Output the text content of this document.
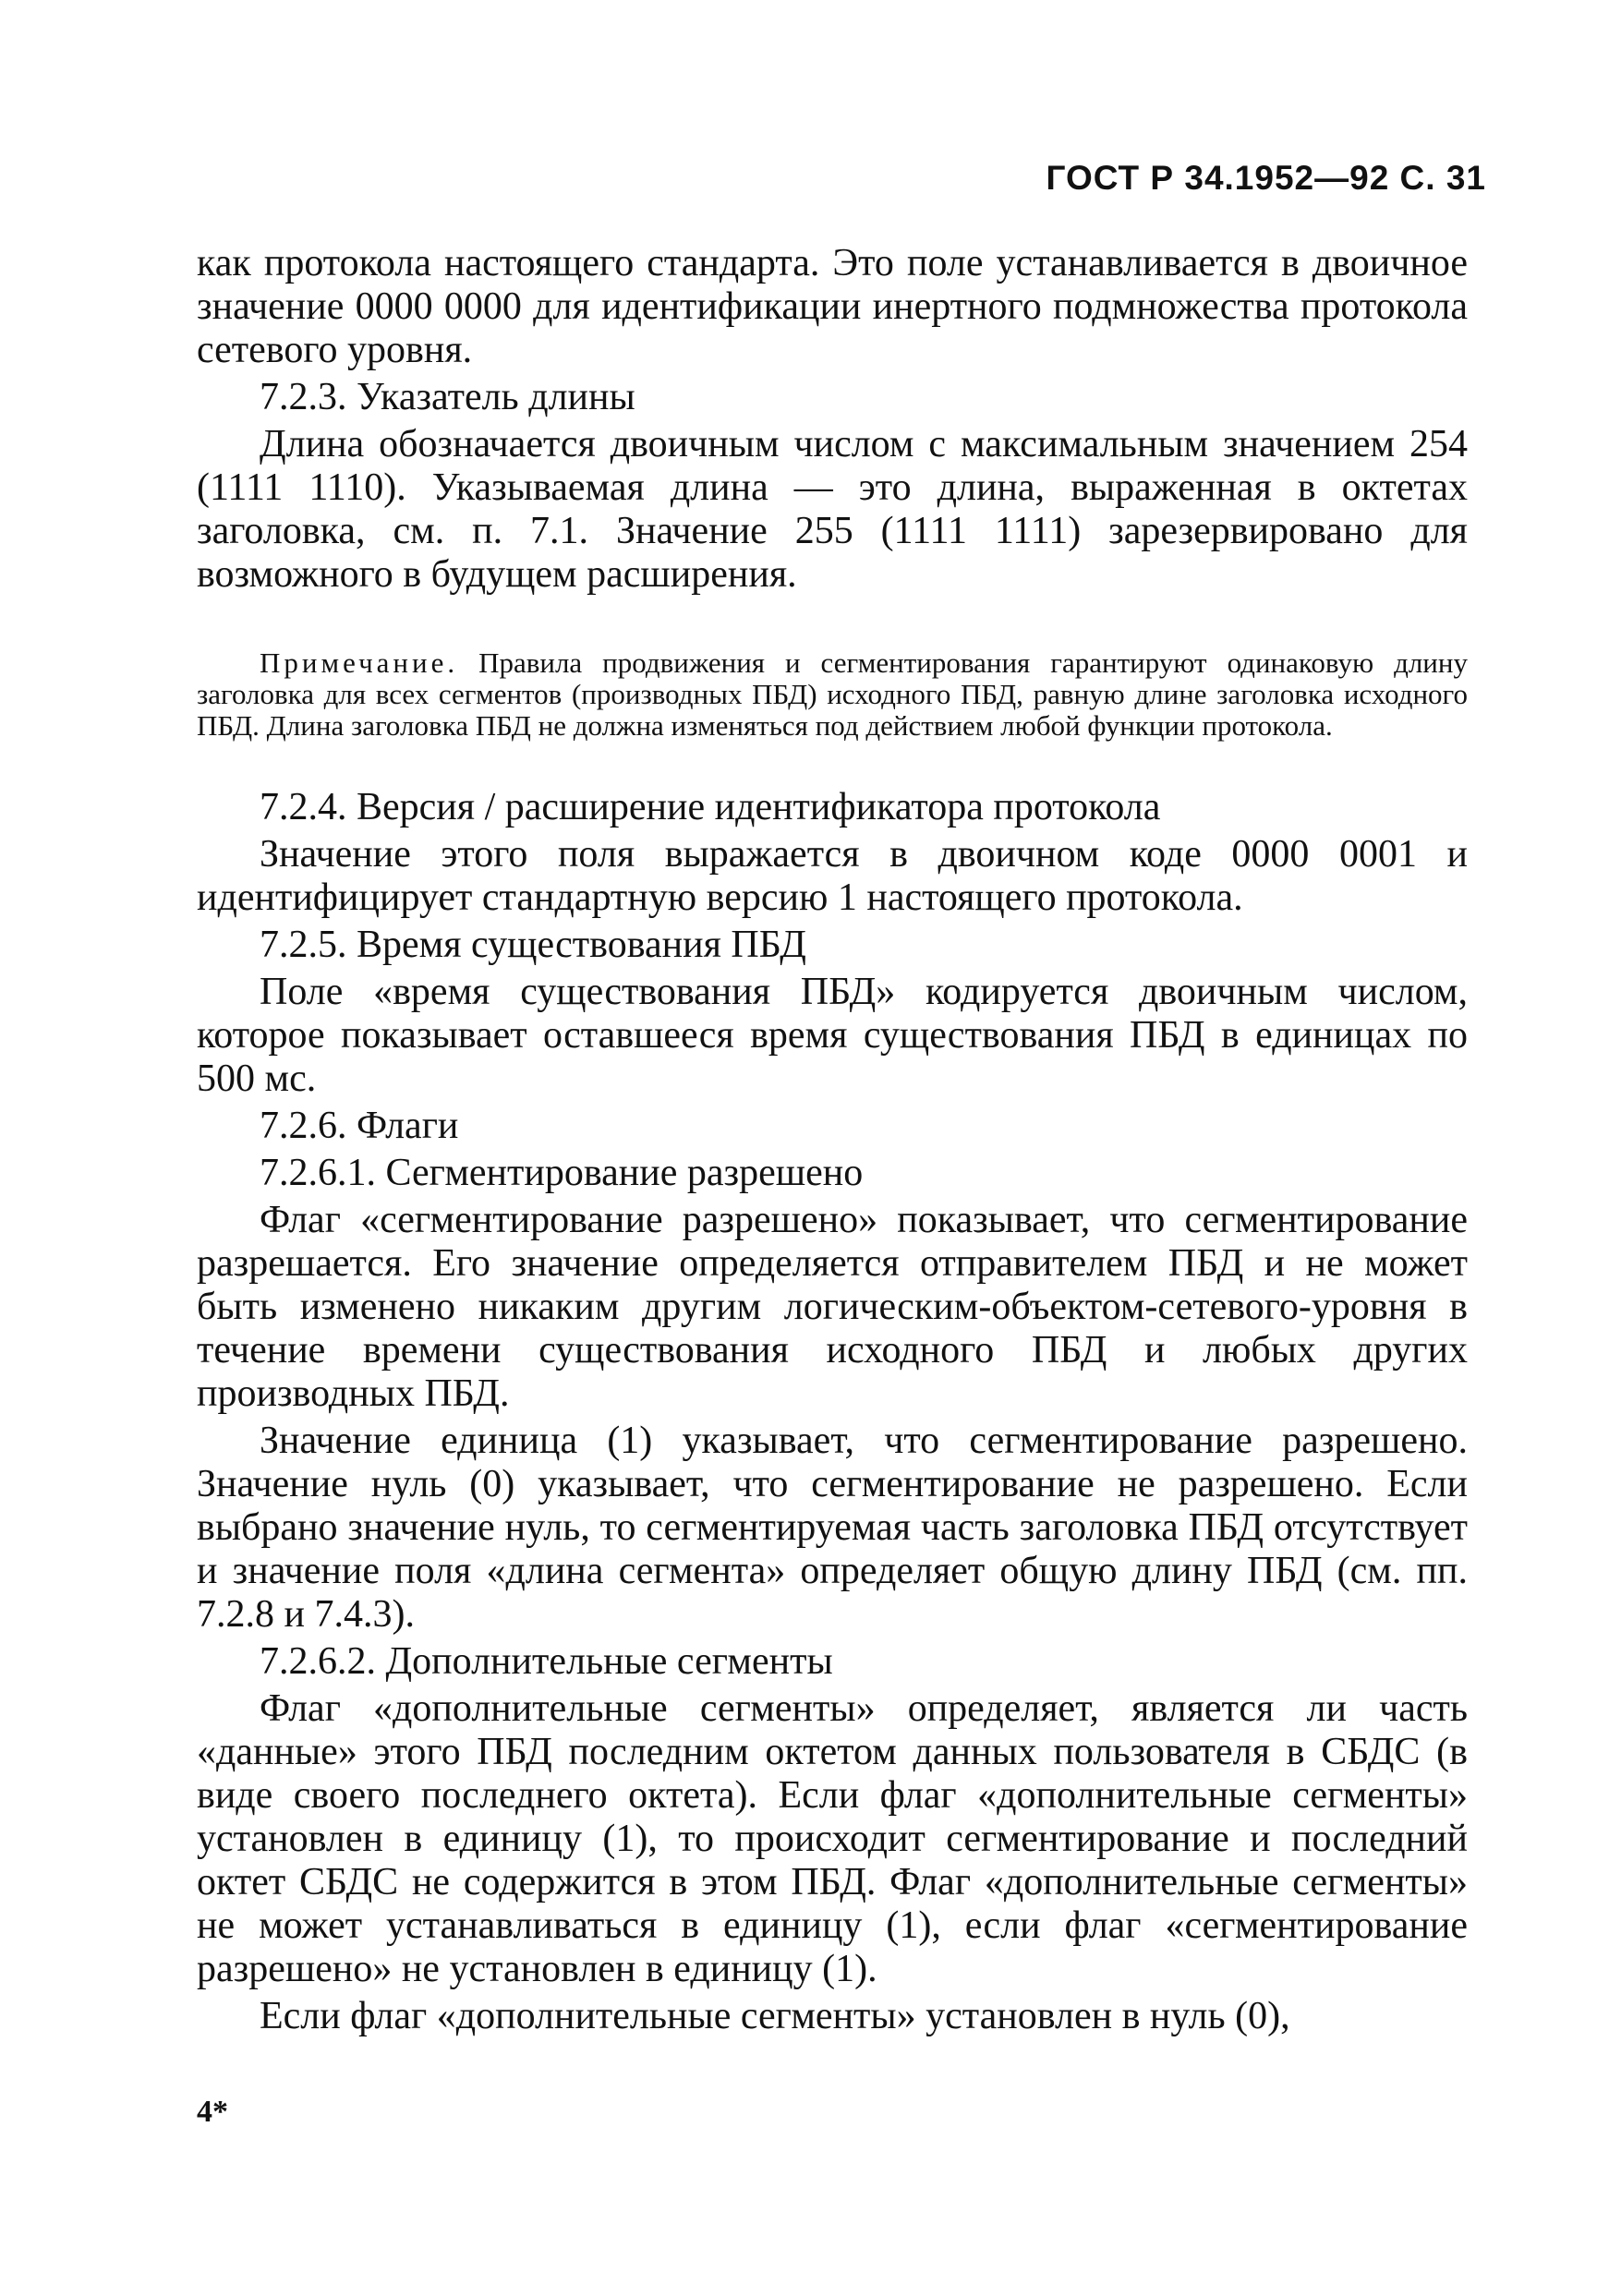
ГОСТ Р 34.1952—92 С. 31

как протокола настоящего стандарта. Это поле устанавливается в двоичное значение 0000 0000 для идентификации инертного подмножества протокола сетевого уровня.

7.2.3. Указатель длины

Длина обозначается двоичным числом с максимальным значением 254 (1111 1110). Указываемая длина — это длина, выраженная в октетах заголовка, см. п. 7.1. Значение 255 (1111 1111) зарезервировано для возможного в будущем расширения.

Примечание. Правила продвижения и сегментирования гарантируют одинаковую длину заголовка для всех сегментов (производных ПБД) исходного ПБД, равную длине заголовка исходного ПБД. Длина заголовка ПБД не должна изменяться под действием любой функции протокола.

7.2.4. Версия / расширение идентификатора протокола

Значение этого поля выражается в двоичном коде 0000 0001 и идентифицирует стандартную версию 1 настоящего протокола.

7.2.5. Время существования ПБД

Поле «время существования ПБД» кодируется двоичным числом, которое показывает оставшееся время существования ПБД в единицах по 500 мс.

7.2.6. Флаги
7.2.6.1. Сегментирование разрешено

Флаг «сегментирование разрешено» показывает, что сегментирование разрешается. Его значение определяется отправителем ПБД и не может быть изменено никаким другим логическим-объектом-сетевого-уровня в течение времени существования исходного ПБД и любых других производных ПБД.

Значение единица (1) указывает, что сегментирование разрешено. Значение нуль (0) указывает, что сегментирование не разрешено. Если выбрано значение нуль, то сегментируемая часть заголовка ПБД отсутствует и значение поля «длина сегмента» определяет общую длину ПБД (см. пп. 7.2.8 и 7.4.3).

7.2.6.2. Дополнительные сегменты

Флаг «дополнительные сегменты» определяет, является ли часть «данные» этого ПБД последним октетом данных пользователя в СБДС (в виде своего последнего октета). Если флаг «дополнительные сегменты» установлен в единицу (1), то происходит сегментирование и последний октет СБДС не содержится в этом ПБД. Флаг «дополнительные сегменты» не может устанавливаться в единицу (1), если флаг «сегментирование разрешено» не установлен в единицу (1).

Если флаг «дополнительные сегменты» установлен в нуль (0),

4*
